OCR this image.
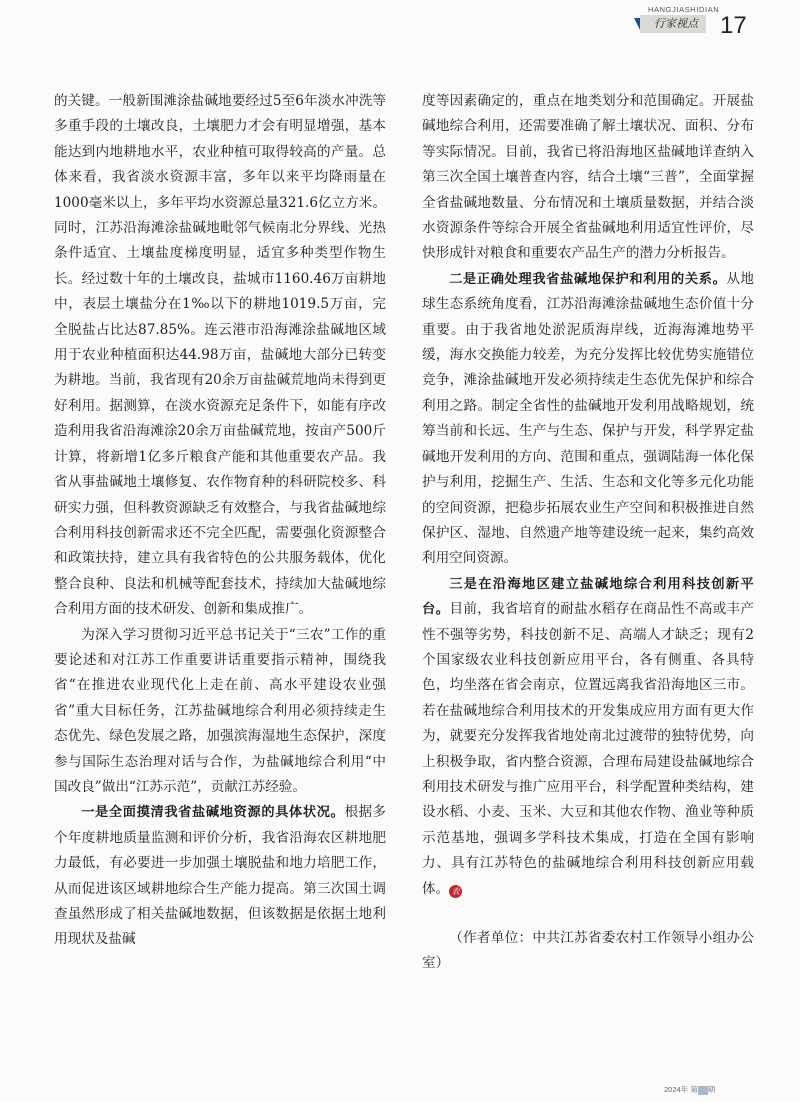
HANGJIASHIDIAN
行家视点 17

的关键。一般新围滩涂盐碱地要经过5至6年淡水冲洗等多重手段的土壤改良，土壤肥力才会有明显增强，基本能达到内地耕地水平，农业种植可取得较高的产量。总体来看，我省淡水资源丰富，多年以来平均降雨量在1000毫米以上，多年平均水资源总量321.6亿立方米。同时，江苏沿海滩涂盐碱地毗邻气候南北分界线、光热条件适宜、土壤盐度梯度明显，适宜多种类型作物生长。经过数十年的土壤改良，盐城市1160.46万亩耕地中，表层土壤盐分在1‰以下的耕地1019.5万亩，完全脱盐占比达87.85%。连云港市沿海滩涂盐碱地区域用于农业种植面积达44.98万亩，盐碱地大部分已转变为耕地。当前，我省现有20余万亩盐碱荒地尚未得到更好利用。据测算，在淡水资源充足条件下，如能有序改造利用我省沿海滩涂20余万亩盐碱荒地，按亩产500斤计算，将新增1亿多斤粮食产能和其他重要农产品。我省从事盐碱地土壤修复、农作物育种的科研院校多、科研实力强，但科教资源缺乏有效整合，与我省盐碱地综合利用科技创新需求还不完全匹配，需要强化资源整合和政策扶持，建立具有我省特色的公共服务载体，优化整合良种、良法和机械等配套技术，持续加大盐碱地综合利用方面的技术研发、创新和集成推广。

为深入学习贯彻习近平总书记关于“三农”工作的重要论述和对江苏工作重要讲话重要指示精神，围绕我省“在推进农业现代化上走在前、高水平建设农业强省”重大目标任务，江苏盐碱地综合利用必须持续走生态优先、绿色发展之路，加强滨海湿地生态保护，深度参与国际生态治理对话与合作，为盐碱地综合利用“中国改良”做出“江苏示范”，贡献江苏经验。

一是全面摸清我省盐碱地资源的具体状况。根据多个年度耕地质量监测和评价分析，我省沿海农区耕地肥力最低，有必要进一步加强土壤脱盐和地力培肥工作，从而促进该区域耕地综合生产能力提高。第三次国土调查虽然形成了相关盐碱地数据，但该数据是依据土地利用现状及盐碱

度等因素确定的，重点在地类划分和范围确定。开展盐碱地综合利用，还需要准确了解土壤状况、面积、分布等实际情况。目前，我省已将沿海地区盐碱地详查纳入第三次全国土壤普查内容，结合土壤“三普”，全面掌握全省盐碱地数量、分布情况和土壤质量数据，并结合淡水资源条件等综合开展全省盐碱地利用适宜性评价，尽快形成针对粮食和重要农产品生产的潜力分析报告。

二是正确处理我省盐碱地保护和利用的关系。从地球生态系统角度看，江苏沿海滩涂盐碱地生态价值十分重要。由于我省地处淤泥质海岸线，近海海滩地势平缓，海水交换能力较差，为充分发挥比较优势实施错位竞争，滩涂盐碱地开发必须持续走生态优先保护和综合利用之路。制定全省性的盐碱地开发利用战略规划，统筹当前和长远、生产与生态、保护与开发，科学界定盐碱地开发利用的方向、范围和重点，强调陆海一体化保护与利用，挖掘生产、生活、生态和文化等多元化功能的空间资源，把稳步拓展农业生产空间和积极推进自然保护区、湿地、自然遗产地等建设统一起来，集约高效利用空间资源。

三是在沿海地区建立盐碱地综合利用科技创新平台。目前，我省培育的耐盐水稻存在商品性不高或丰产性不强等劣势，科技创新不足、高端人才缺乏；现有2个国家级农业科技创新应用平台，各有侧重、各具特色，均坐落在省会南京，位置远离我省沿海地区三市。若在盐碱地综合利用技术的开发集成应用方面有更大作为，就要充分发挥我省地处南北过渡带的独特优势，向上积极争取，省内整合资源，合理布局建设盐碱地综合利用技术研发与推广应用平台，科学配置种类结构，建设水稻、小麦、玉米、大豆和其他农作物、渔业等种质示范基地，强调多学科技术集成，打造在全国有影响力、具有江苏特色的盐碱地综合利用科技创新应用载体。 农

（作者单位：中共江苏省委农村工作领导小组办公室）

2024年 第04期
